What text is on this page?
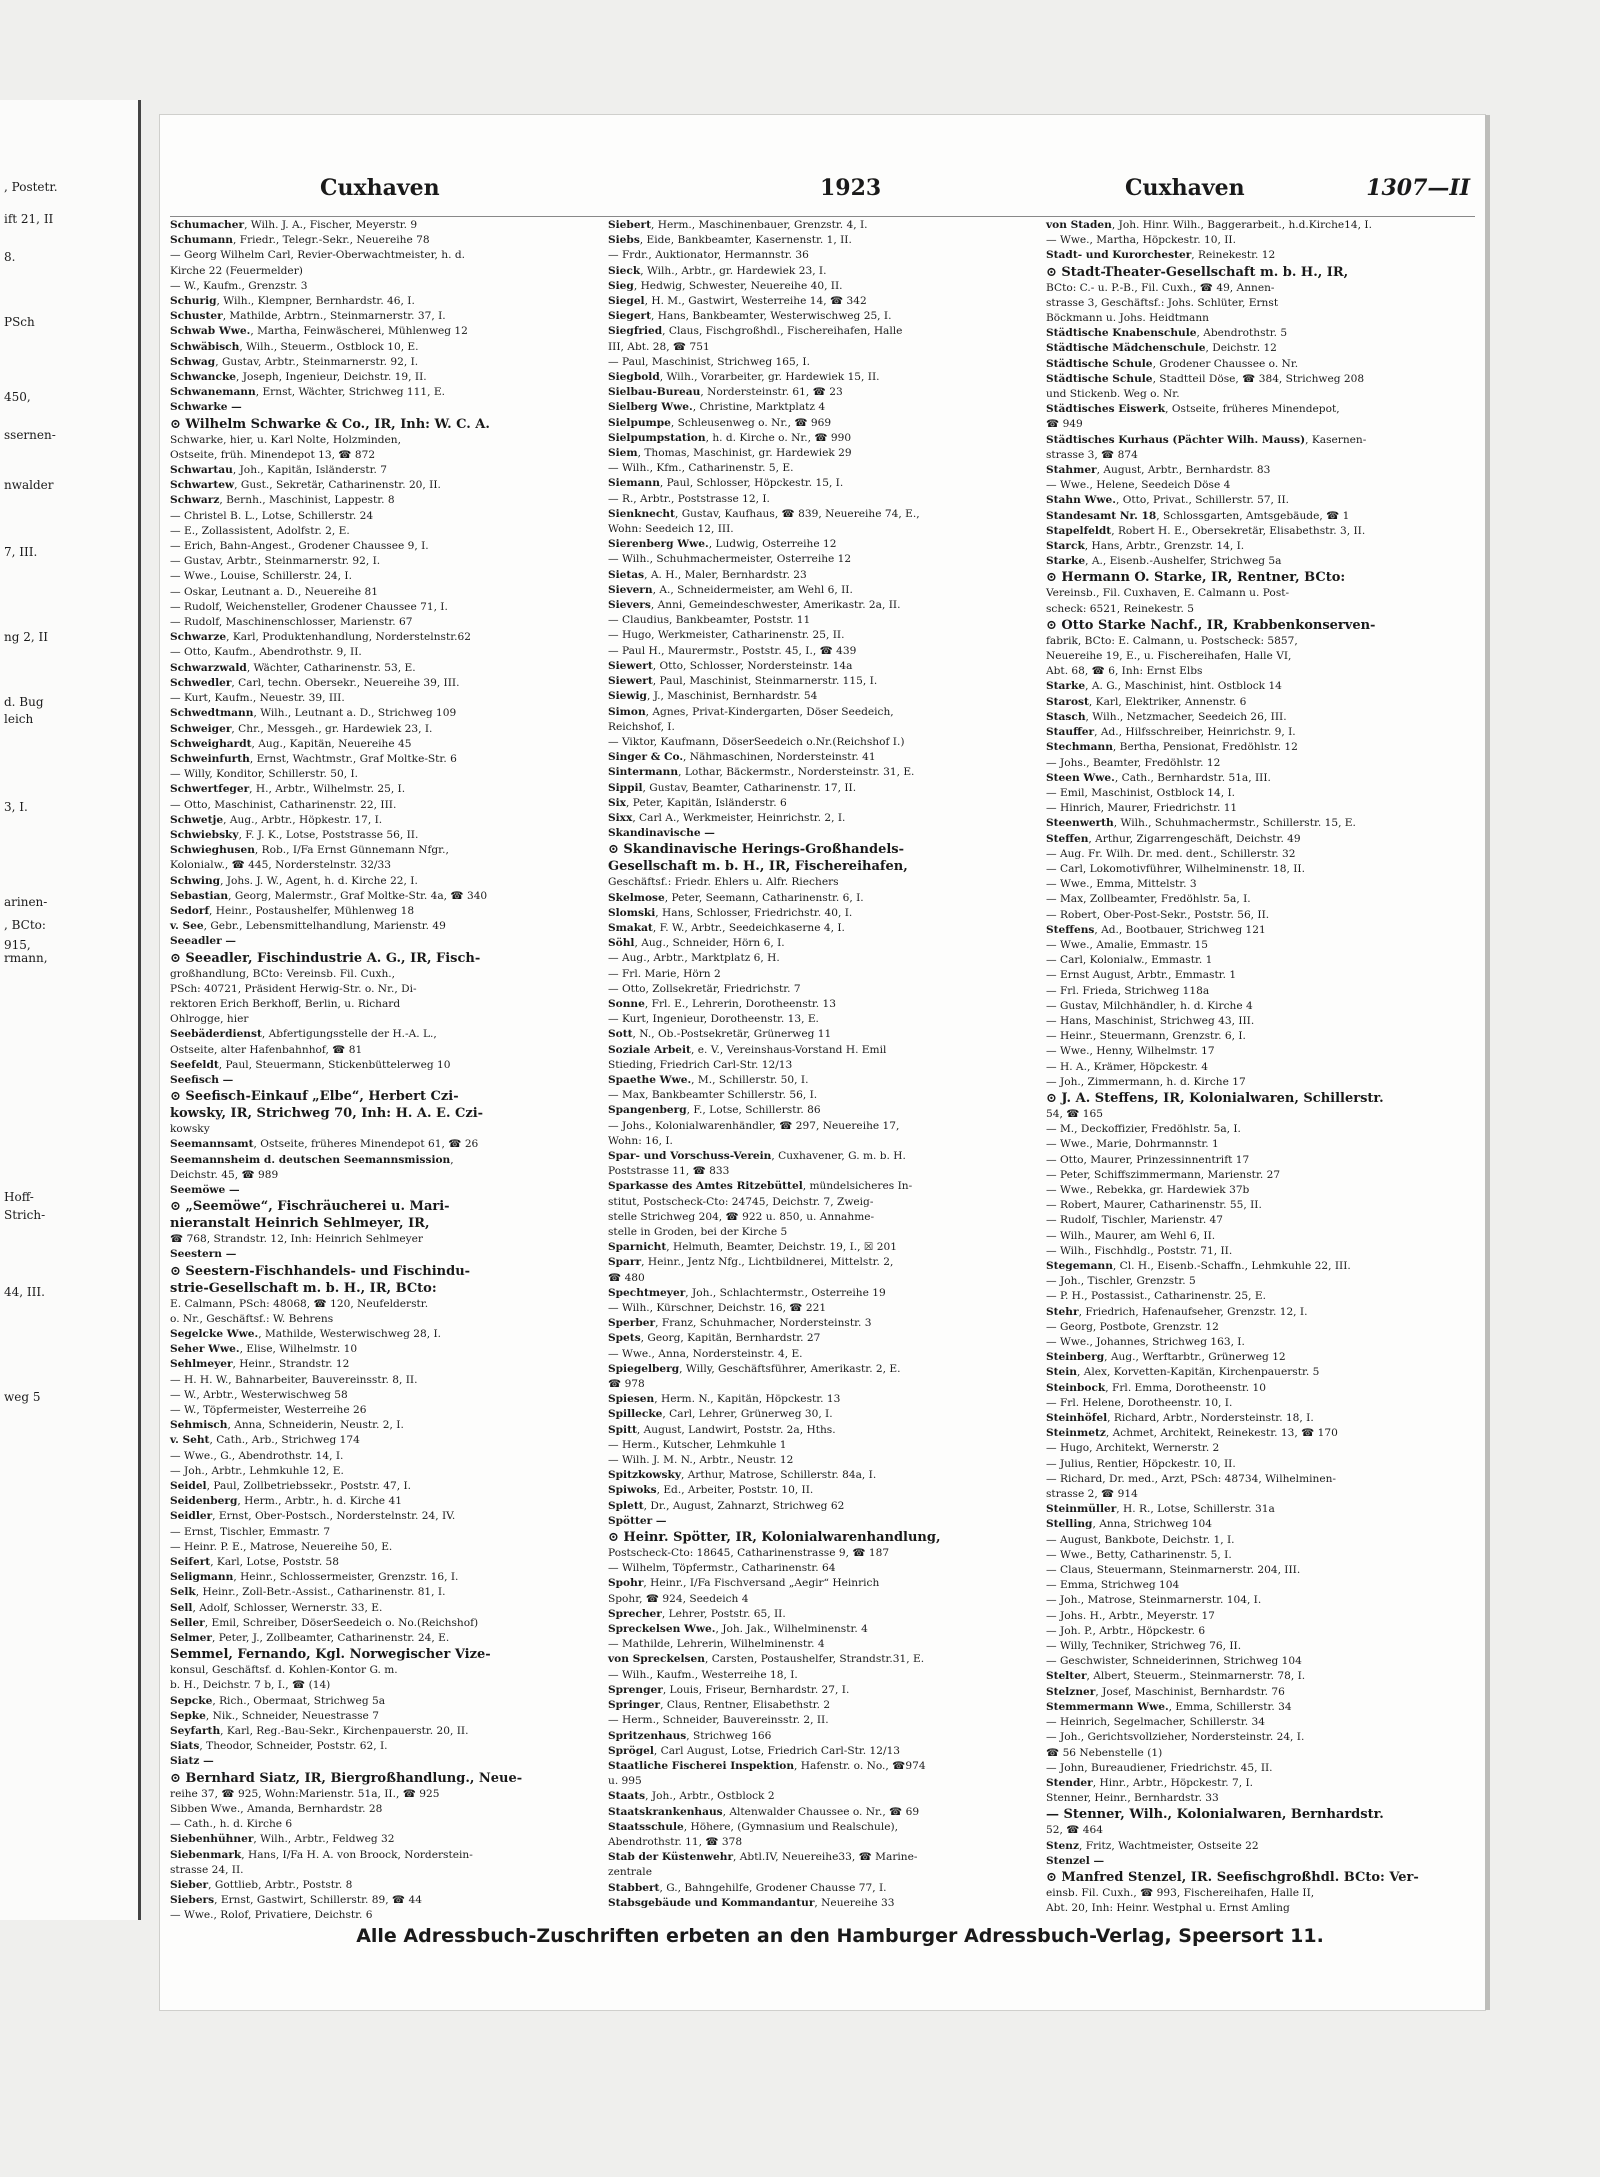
, Postetr.
ift 21, II
8.
PSch
450,
ssernen-
nwalder
7, III.
ng 2, II
d. Bug
leich
3, I.
arinen-
, BCto:
915,
rmann,
Hoff-
Strich-
44, III.
weg 5
Cuxhaven	1923	Cuxhaven	1307—II

Schumacher, Wilh. J. A., Fischer, Meyerstr. 9

Schumann, Friedr., Telegr.-Sekr., Neuereihe 78

— Georg Wilhelm Carl, Revier-Oberwachtmeister, h. d.

Kirche 22 (Feuermelder)

— W., Kaufm., Grenzstr. 3

Schurig, Wilh., Klempner, Bernhardstr. 46, I.

Schuster, Mathilde, Arbtrn., Steinmarnerstr. 37, I.

Schwab Wwe., Martha, Feinwäscherei, Mühlenweg 12

Schwäbisch, Wilh., Steuerm., Ostblock 10, E.

Schwag, Gustav, Arbtr., Steinmarnerstr. 92, I.

Schwancke, Joseph, Ingenieur, Deichstr. 19, II.

Schwanemann, Ernst, Wächter, Strichweg 111, E.

Schwarke —

⊙ Wilhelm Schwarke & Co., IR, Inh: W. C. A.

Schwarke, hier, u. Karl Nolte, Holzminden,

Ostseite, früh. Minendepot 13, ☎ 872

Schwartau, Joh., Kapitän, Isländerstr. 7

Schwartew, Gust., Sekretär, Catharinenstr. 20, II.

Schwarz, Bernh., Maschinist, Lappestr. 8

— Christel B. L., Lotse, Schillerstr. 24

— E., Zollassistent, Adolfstr. 2, E.

— Erich, Bahn-Angest., Grodener Chaussee 9, I.

— Gustav, Arbtr., Steinmarnerstr. 92, I.

— Wwe., Louise, Schillerstr. 24, I.

— Oskar, Leutnant a. D., Neuereihe 81

— Rudolf, Weichensteller, Grodener Chaussee 71, I.

— Rudolf, Maschinenschlosser, Marienstr. 67

Schwarze, Karl, Produktenhandlung, Norderstelnstr.62

— Otto, Kaufm., Abendrothstr. 9, II.

Schwarzwald, Wächter, Catharinenstr. 53, E.

Schwedler, Carl, techn. Obersekr., Neuereihe 39, III.

— Kurt, Kaufm., Neuestr. 39, III.

Schwedtmann, Wilh., Leutnant a. D., Strichweg 109

Schweiger, Chr., Messgeh., gr. Hardewiek 23, I.

Schweighardt, Aug., Kapitän, Neuereihe 45

Schweinfurth, Ernst, Wachtmstr., Graf Moltke-Str. 6

— Willy, Konditor, Schillerstr. 50, I.

Schwertfeger, H., Arbtr., Wilhelmstr. 25, I.

— Otto, Maschinist, Catharinenstr. 22, III.

Schwetje, Aug., Arbtr., Höpkestr. 17, I.

Schwiebsky, F. J. K., Lotse, Poststrasse 56, II.

Schwieghusen, Rob., I/Fa Ernst Günnemann Nfgr.,

Kolonialw., ☎ 445, Norderstelnstr. 32/33

Schwing, Johs. J. W., Agent, h. d. Kirche 22, I.

Sebastian, Georg, Malermstr., Graf Moltke-Str. 4a, ☎ 340

Sedorf, Heinr., Postaushelfer, Mühlenweg 18

v. See, Gebr., Lebensmittelhandlung, Marienstr. 49

Seeadler —

⊙ Seeadler, Fischindustrie A. G., IR, Fisch-

großhandlung, BCto: Vereinsb. Fil. Cuxh.,

PSch: 40721, Präsident Herwig-Str. o. Nr., Di-

rektoren Erich Berkhoff, Berlin, u. Richard

Ohlrogge, hier

Seebäderdienst, Abfertigungsstelle der H.-A. L.,

Ostseite, alter Hafenbahnhof, ☎ 81

Seefeldt, Paul, Steuermann, Stickenbüttelerweg 10

Seefisch —

⊙ Seefisch-Einkauf „Elbe“, Herbert Czi-

kowsky, IR, Strichweg 70, Inh: H. A. E. Czi-

kowsky

Seemannsamt, Ostseite, früheres Minendepot 61, ☎ 26

Seemannsheim d. deutschen Seemannsmission,

Deichstr. 45, ☎ 989

Seemöwe —

⊙ „Seemöwe“, Fischräucherei u. Mari-

nieranstalt Heinrich Sehlmeyer, IR,

☎ 768, Strandstr. 12, Inh: Heinrich Sehlmeyer

Seestern —

⊙ Seestern-Fischhandels- und Fischindu-

strie-Gesellschaft m. b. H., IR, BCto:

E. Calmann, PSch: 48068, ☎ 120, Neufelderstr.

o. Nr., Geschäftsf.: W. Behrens

Segelcke Wwe., Mathilde, Westerwischweg 28, I.

Seher Wwe., Elise, Wilhelmstr. 10

Sehlmeyer, Heinr., Strandstr. 12

— H. H. W., Bahnarbeiter, Bauvereinsstr. 8, II.

— W., Arbtr., Westerwischweg 58

— W., Töpfermeister, Westerreihe 26

Sehmisch, Anna, Schneiderin, Neustr. 2, I.

v. Seht, Cath., Arb., Strichweg 174

— Wwe., G., Abendrothstr. 14, I.

— Joh., Arbtr., Lehmkuhle 12, E.

Seidel, Paul, Zollbetriebssekr., Poststr. 47, I.

Seidenberg, Herm., Arbtr., h. d. Kirche 41

Seidler, Ernst, Ober-Postsch., Norderstelnstr. 24, IV.

— Ernst, Tischler, Emmastr. 7

— Heinr. P. E., Matrose, Neuereihe 50, E.

Seifert, Karl, Lotse, Poststr. 58

Seligmann, Heinr., Schlossermeister, Grenzstr. 16, I.

Selk, Heinr., Zoll-Betr.-Assist., Catharinenstr. 81, I.

Sell, Adolf, Schlosser, Wernerstr. 33, E.

Seller, Emil, Schreiber, DöserSeedeich o. No.(Reichshof)

Selmer, Peter, J., Zollbeamter, Catharinenstr. 24, E.

Semmel, Fernando, Kgl. Norwegischer Vize-

konsul, Geschäftsf. d. Kohlen-Kontor G. m.

b. H., Deichstr. 7 b, I., ☎ (14)

Sepcke, Rich., Obermaat, Strichweg 5a

Sepke, Nik., Schneider, Neuestrasse 7

Seyfarth, Karl, Reg.-Bau-Sekr., Kirchenpauerstr. 20, II.

Siats, Theodor, Schneider, Poststr. 62, I.

Siatz —

⊙ Bernhard Siatz, IR, Biergroßhandlung., Neue-

reihe 37, ☎ 925, Wohn:Marienstr. 51a, II., ☎ 925

Sibben Wwe., Amanda, Bernhardstr. 28

— Cath., h. d. Kirche 6

Siebenhühner, Wilh., Arbtr., Feldweg 32

Siebenmark, Hans, I/Fa H. A. von Broock, Norderstein-

strasse 24, II.

Sieber, Gottlieb, Arbtr., Poststr. 8

Siebers, Ernst, Gastwirt, Schillerstr. 89, ☎ 44

— Wwe., Rolof, Privatiere, Deichstr. 6

Siebert, Herm., Maschinenbauer, Grenzstr. 4, I.

Siebs, Eide, Bankbeamter, Kasernenstr. 1, II.

— Frdr., Auktionator, Hermannstr. 36

Sieck, Wilh., Arbtr., gr. Hardewiek 23, I.

Sieg, Hedwig, Schwester, Neuereihe 40, II.

Siegel, H. M., Gastwirt, Westerreihe 14, ☎ 342

Siegert, Hans, Bankbeamter, Westerwischweg 25, I.

Siegfried, Claus, Fischgroßhdl., Fischereihafen, Halle

III, Abt. 28, ☎ 751

— Paul, Maschinist, Strichweg 165, I.

Siegbold, Wilh., Vorarbeiter, gr. Hardewiek 15, II.

Sielbau-Bureau, Nordersteinstr. 61, ☎ 23

Sielberg Wwe., Christine, Marktplatz 4

Sielpumpe, Schleusenweg o. Nr., ☎ 969

Sielpumpstation, h. d. Kirche o. Nr., ☎ 990

Siem, Thomas, Maschinist, gr. Hardewiek 29

— Wilh., Kfm., Catharinenstr. 5, E.

Siemann, Paul, Schlosser, Höpckestr. 15, I.

— R., Arbtr., Poststrasse 12, I.

Sienknecht, Gustav, Kaufhaus, ☎ 839, Neuereihe 74, E.,

Wohn: Seedeich 12, III.

Sierenberg Wwe., Ludwig, Osterreihe 12

— Wilh., Schuhmachermeister, Osterreihe 12

Sietas, A. H., Maler, Bernhardstr. 23

Sievern, A., Schneidermeister, am Wehl 6, II.

Sievers, Anni, Gemeindeschwester, Amerikastr. 2a, II.

— Claudius, Bankbeamter, Poststr. 11

— Hugo, Werkmeister, Catharinenstr. 25, II.

— Paul H., Maurermstr., Poststr. 45, I., ☎ 439

Siewert, Otto, Schlosser, Nordersteinstr. 14a

Siewert, Paul, Maschinist, Steinmarnerstr. 115, I.

Siewig, J., Maschinist, Bernhardstr. 54

Simon, Agnes, Privat-Kindergarten, Döser Seedeich,

Reichshof, I.

— Viktor, Kaufmann, DöserSeedeich o.Nr.(Reichshof I.)

Singer & Co., Nähmaschinen, Nordersteinstr. 41

Sintermann, Lothar, Bäckermstr., Nordersteinstr. 31, E.

Sippil, Gustav, Beamter, Catharinenstr. 17, II.

Six, Peter, Kapitän, Isländerstr. 6

Sixx, Carl A., Werkmeister, Heinrichstr. 2, I.

Skandinavische —

⊙ Skandinavische Herings-Großhandels-

Gesellschaft m. b. H., IR, Fischereihafen,

Geschäftsf.: Friedr. Ehlers u. Alfr. Riechers

Skelmose, Peter, Seemann, Catharinenstr. 6, I.

Slomski, Hans, Schlosser, Friedrichstr. 40, I.

Smakat, F. W., Arbtr., Seedeichkaserne 4, I.

Söhl, Aug., Schneider, Hörn 6, I.

— Aug., Arbtr., Marktplatz 6, H.

— Frl. Marie, Hörn 2

— Otto, Zollsekretär, Friedrichstr. 7

Sonne, Frl. E., Lehrerin, Dorotheenstr. 13

— Kurt, Ingenieur, Dorotheenstr. 13, E.

Sott, N., Ob.-Postsekretär, Grünerweg 11

Soziale Arbeit, e. V., Vereinshaus-Vorstand H. Emil

Stieding, Friedrich Carl-Str. 12/13

Spaethe Wwe., M., Schillerstr. 50, I.

— Max, Bankbeamter Schillerstr. 56, I.

Spangenberg, F., Lotse, Schillerstr. 86

— Johs., Kolonialwarenhändler, ☎ 297, Neuereihe 17,

Wohn: 16, I.

Spar- und Vorschuss-Verein, Cuxhavener, G. m. b. H.

Poststrasse 11, ☎ 833

Sparkasse des Amtes Ritzebüttel, mündelsicheres In-

stitut, Postscheck-Cto: 24745, Deichstr. 7, Zweig-

stelle Strichweg 204, ☎ 922 u. 850, u. Annahme-

stelle in Groden, bei der Kirche 5

Sparnicht, Helmuth, Beamter, Deichstr. 19, I., ☒ 201

Sparr, Heinr., Jentz Nfg., Lichtbildnerei, Mittelstr. 2,

☎ 480

Spechtmeyer, Joh., Schlachtermstr., Osterreihe 19

— Wilh., Kürschner, Deichstr. 16, ☎ 221

Sperber, Franz, Schuhmacher, Nordersteinstr. 3

Spets, Georg, Kapitän, Bernhardstr. 27

— Wwe., Anna, Nordersteinstr. 4, E.

Spiegelberg, Willy, Geschäftsführer, Amerikastr. 2, E.

☎ 978

Spiesen, Herm. N., Kapitän, Höpckestr. 13

Spillecke, Carl, Lehrer, Grünerweg 30, I.

Spitt, August, Landwirt, Poststr. 2a, Hths.

— Herm., Kutscher, Lehmkuhle 1

— Wilh. J. M. N., Arbtr., Neustr. 12

Spitzkowsky, Arthur, Matrose, Schillerstr. 84a, I.

Spiwoks, Ed., Arbeiter, Poststr. 10, II.

Splett, Dr., August, Zahnarzt, Strichweg 62

Spötter —

⊙ Heinr. Spötter, IR, Kolonialwarenhandlung,

Postscheck-Cto: 18645, Catharinenstrasse 9, ☎ 187

— Wilhelm, Töpfermstr., Catharinenstr. 64

Spohr, Heinr., I/Fa Fischversand „Aegir“ Heinrich

Spohr, ☎ 924, Seedeich 4

Sprecher, Lehrer, Poststr. 65, II.

Spreckelsen Wwe., Joh. Jak., Wilhelminenstr. 4

— Mathilde, Lehrerin, Wilhelminenstr. 4

von Spreckelsen, Carsten, Postaushelfer, Strandstr.31, E.

— Wilh., Kaufm., Westerreihe 18, I.

Sprenger, Louis, Friseur, Bernhardstr. 27, I.

Springer, Claus, Rentner, Elisabethstr. 2

— Herm., Schneider, Bauvereinsstr. 2, II.

Spritzenhaus, Strichweg 166

Sprögel, Carl August, Lotse, Friedrich Carl-Str. 12/13

Staatliche Fischerei Inspektion, Hafenstr. o. No., ☎974

u. 995

Staats, Joh., Arbtr., Ostblock 2

Staatskrankenhaus, Altenwalder Chaussee o. Nr., ☎ 69

Staatsschule, Höhere, (Gymnasium und Realschule),

Abendrothstr. 11, ☎ 378

Stab der Küstenwehr, Abtl.IV, Neuereihe33, ☎ Marine-

zentrale

Stabbert, G., Bahngehilfe, Grodener Chausse 77, I.

Stabsgebäude und Kommandantur, Neuereihe 33

von Staden, Joh. Hinr. Wilh., Baggerarbeit., h.d.Kirche14, I.

— Wwe., Martha, Höpckestr. 10, II.

Stadt- und Kurorchester, Reinekestr. 12

⊙ Stadt-Theater-Gesellschaft m. b. H., IR,

BCto: C.- u. P.-B., Fil. Cuxh., ☎ 49, Annen-

strasse 3, Geschäftsf.: Johs. Schlüter, Ernst

Böckmann u. Johs. Heidtmann

Städtische Knabenschule, Abendrothstr. 5

Städtische Mädchenschule, Deichstr. 12

Städtische Schule, Grodener Chaussee o. Nr.

Städtische Schule, Stadtteil Döse, ☎ 384, Strichweg 208

und Stickenb. Weg o. Nr.

Städtisches Eiswerk, Ostseite, früheres Minendepot,

☎ 949

Städtisches Kurhaus (Pächter Wilh. Mauss), Kasernen-

strasse 3, ☎ 874

Stahmer, August, Arbtr., Bernhardstr. 83

— Wwe., Helene, Seedeich Döse 4

Stahn Wwe., Otto, Privat., Schillerstr. 57, II.

Standesamt Nr. 18, Schlossgarten, Amtsgebäude, ☎ 1

Stapelfeldt, Robert H. E., Obersekretär, Elisabethstr. 3, II.

Starck, Hans, Arbtr., Grenzstr. 14, I.

Starke, A., Eisenb.-Aushelfer, Strichweg 5a

⊙ Hermann O. Starke, IR, Rentner, BCto:

Vereinsb., Fil. Cuxhaven, E. Calmann u. Post-

scheck: 6521, Reinekestr. 5

⊙ Otto Starke Nachf., IR, Krabbenkonserven-

fabrik, BCto: E. Calmann, u. Postscheck: 5857,

Neuereihe 19, E., u. Fischereihafen, Halle VI,

Abt. 68, ☎ 6, Inh: Ernst Elbs

Starke, A. G., Maschinist, hint. Ostblock 14

Starost, Karl, Elektriker, Annenstr. 6

Stasch, Wilh., Netzmacher, Seedeich 26, III.

Stauffer, Ad., Hilfsschreiber, Heinrichstr. 9, I.

Stechmann, Bertha, Pensionat, Fredöhlstr. 12

— Johs., Beamter, Fredöhlstr. 12

Steen Wwe., Cath., Bernhardstr. 51a, III.

— Emil, Maschinist, Ostblock 14, I.

— Hinrich, Maurer, Friedrichstr. 11

Steenwerth, Wilh., Schuhmachermstr., Schillerstr. 15, E.

Steffen, Arthur, Zigarrengeschäft, Deichstr. 49

— Aug. Fr. Wilh. Dr. med. dent., Schillerstr. 32

— Carl, Lokomotivführer, Wilhelminenstr. 18, II.

— Wwe., Emma, Mittelstr. 3

— Max, Zollbeamter, Fredöhlstr. 5a, I.

— Robert, Ober-Post-Sekr., Poststr. 56, II.

Steffens, Ad., Bootbauer, Strichweg 121

— Wwe., Amalie, Emmastr. 15

— Carl, Kolonialw., Emmastr. 1

— Ernst August, Arbtr., Emmastr. 1

— Frl. Frieda, Strichweg 118a

— Gustav, Milchhändler, h. d. Kirche 4

— Hans, Maschinist, Strichweg 43, III.

— Heinr., Steuermann, Grenzstr. 6, I.

— Wwe., Henny, Wilhelmstr. 17

— H. A., Krämer, Höpckestr. 4

— Joh., Zimmermann, h. d. Kirche 17

⊙ J. A. Steffens, IR, Kolonialwaren, Schillerstr.

54, ☎ 165

— M., Deckoffizier, Fredöhlstr. 5a, I.

— Wwe., Marie, Dohrmannstr. 1

— Otto, Maurer, Prinzessinnentrift 17

— Peter, Schiffszimmermann, Marienstr. 27

— Wwe., Rebekka, gr. Hardewiek 37b

— Robert, Maurer, Catharinenstr. 55, II.

— Rudolf, Tischler, Marienstr. 47

— Wilh., Maurer, am Wehl 6, II.

— Wilh., Fischhdlg., Poststr. 71, II.

Stegemann, Cl. H., Eisenb.-Schaffn., Lehmkuhle 22, III.

— Joh., Tischler, Grenzstr. 5

— P. H., Postassist., Catharinenstr. 25, E.

Stehr, Friedrich, Hafenaufseher, Grenzstr. 12, I.

— Georg, Postbote, Grenzstr. 12

— Wwe., Johannes, Strichweg 163, I.

Steinberg, Aug., Werftarbtr., Grünerweg 12

Stein, Alex, Korvetten-Kapitän, Kirchenpauerstr. 5

Steinbock, Frl. Emma, Dorotheenstr. 10

— Frl. Helene, Dorotheenstr. 10, I.

Steinhöfel, Richard, Arbtr., Nordersteinstr. 18, I.

Steinmetz, Achmet, Architekt, Reinekestr. 13, ☎ 170

— Hugo, Architekt, Wernerstr. 2

— Julius, Rentier, Höpckestr. 10, II.

— Richard, Dr. med., Arzt, PSch: 48734, Wilhelminen-

strasse 2, ☎ 914

Steinmüller, H. R., Lotse, Schillerstr. 31a

Stelling, Anna, Strichweg 104

— August, Bankbote, Deichstr. 1, I.

— Wwe., Betty, Catharinenstr. 5, I.

— Claus, Steuermann, Steinmarnerstr. 204, III.

— Emma, Strichweg 104

— Joh., Matrose, Steinmarnerstr. 104, I.

— Johs. H., Arbtr., Meyerstr. 17

— Joh. P., Arbtr., Höpckestr. 6

— Willy, Techniker, Strichweg 76, II.

— Geschwister, Schneiderinnen, Strichweg 104

Stelter, Albert, Steuerm., Steinmarnerstr. 78, I.

Stelzner, Josef, Maschinist, Bernhardstr. 76

Stemmermann Wwe., Emma, Schillerstr. 34

— Heinrich, Segelmacher, Schillerstr. 34

— Joh., Gerichtsvollzieher, Nordersteinstr. 24, I.

☎ 56 Nebenstelle (1)

— John, Bureaudiener, Friedrichstr. 45, II.

Stender, Hinr., Arbtr., Höpckestr. 7, I.

Stenner, Heinr., Bernhardstr. 33

— Stenner, Wilh., Kolonialwaren, Bernhardstr.

52, ☎ 464

Stenz, Fritz, Wachtmeister, Ostseite 22

Stenzel —

⊙ Manfred Stenzel, IR. Seefischgroßhdl. BCto: Ver-

einsb. Fil. Cuxh., ☎ 993, Fischereihafen, Halle II,

Abt. 20, Inh: Heinr. Westphal u. Ernst Amling

Alle Adressbuch-Zuschriften erbeten an den Hamburger Adressbuch-Verlag, Speersort 11.
